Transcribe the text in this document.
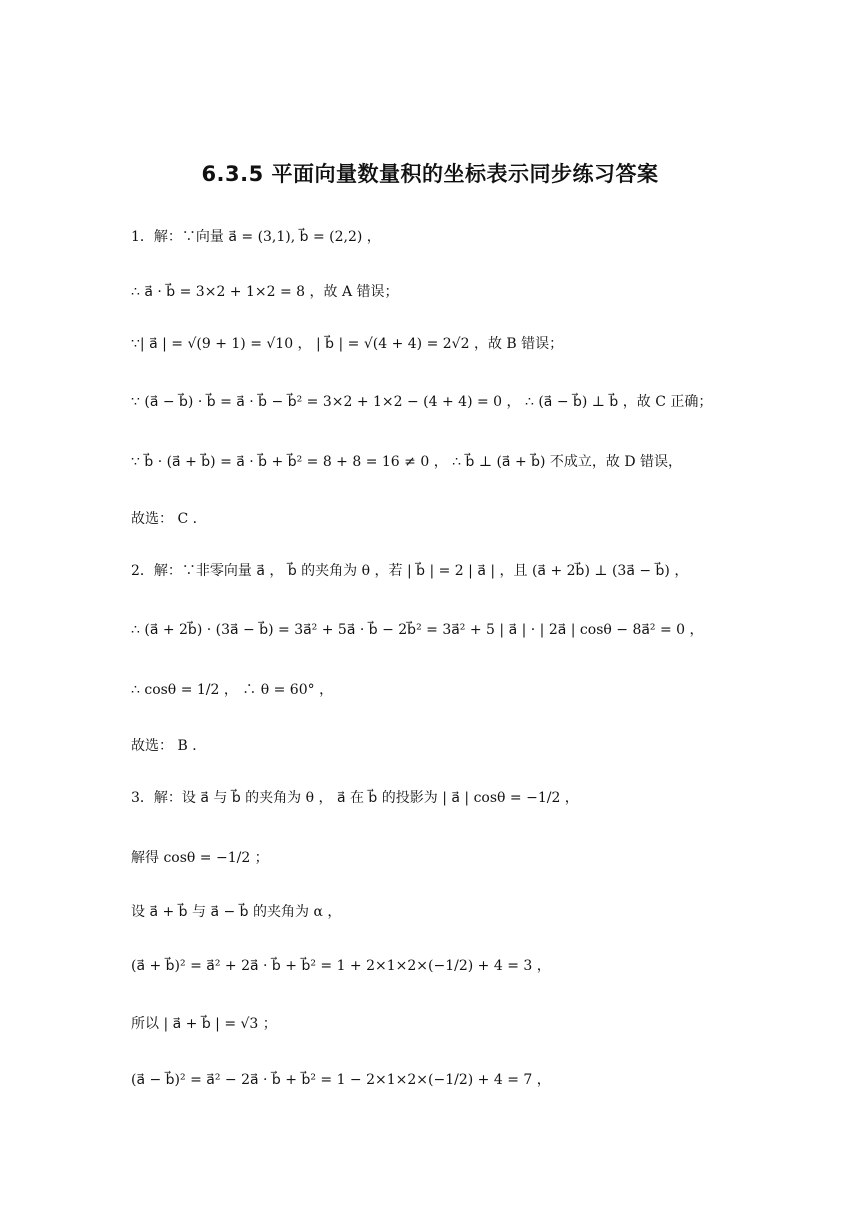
6.3.5 平面向量数量积的坐标表示同步练习答案
1．解：∵向量 a⃗ = (3,1), b⃗ = (2,2) ，
∴ a⃗ · b⃗ = 3×2 + 1×2 = 8 ，故 A 错误；
∵| a⃗ | = √(9 + 1) = √10 ， | b⃗ | = √(4 + 4) = 2√2 ，故 B 错误；
∵ (a⃗ − b⃗) · b⃗ = a⃗ · b⃗ − b⃗² = 3×2 + 1×2 − (4 + 4) = 0 ， ∴ (a⃗ − b⃗) ⊥ b⃗ ，故 C 正确；
∵ b⃗ · (a⃗ + b⃗) = a⃗ · b⃗ + b⃗² = 8 + 8 = 16 ≠ 0 ， ∴ b⃗ ⊥ (a⃗ + b⃗) 不成立，故 D 错误，
故选： C ．
2．解：∵非零向量 a⃗ ， b⃗ 的夹角为 θ ，若 | b⃗ | = 2 | a⃗ | ，且 (a⃗ + 2b⃗) ⊥ (3a⃗ − b⃗) ，
∴ (a⃗ + 2b⃗) · (3a⃗ − b⃗) = 3a⃗² + 5a⃗ · b⃗ − 2b⃗² = 3a⃗² + 5 | a⃗ | · | 2a⃗ | cosθ − 8a⃗² = 0 ，
∴ cosθ = 1/2 ， ∴ θ = 60° ，
故选： B ．
3．解：设 a⃗ 与 b⃗ 的夹角为 θ ， a⃗ 在 b⃗ 的投影为 | a⃗ | cosθ = −1/2 ，
解得 cosθ = −1/2 ；
设 a⃗ + b⃗ 与 a⃗ − b⃗ 的夹角为 α ，
(a⃗ + b⃗)² = a⃗² + 2a⃗ · b⃗ + b⃗² = 1 + 2×1×2×(−1/2) + 4 = 3 ，
所以 | a⃗ + b⃗ | = √3 ；
(a⃗ − b⃗)² = a⃗² − 2a⃗ · b⃗ + b⃗² = 1 − 2×1×2×(−1/2) + 4 = 7 ，
